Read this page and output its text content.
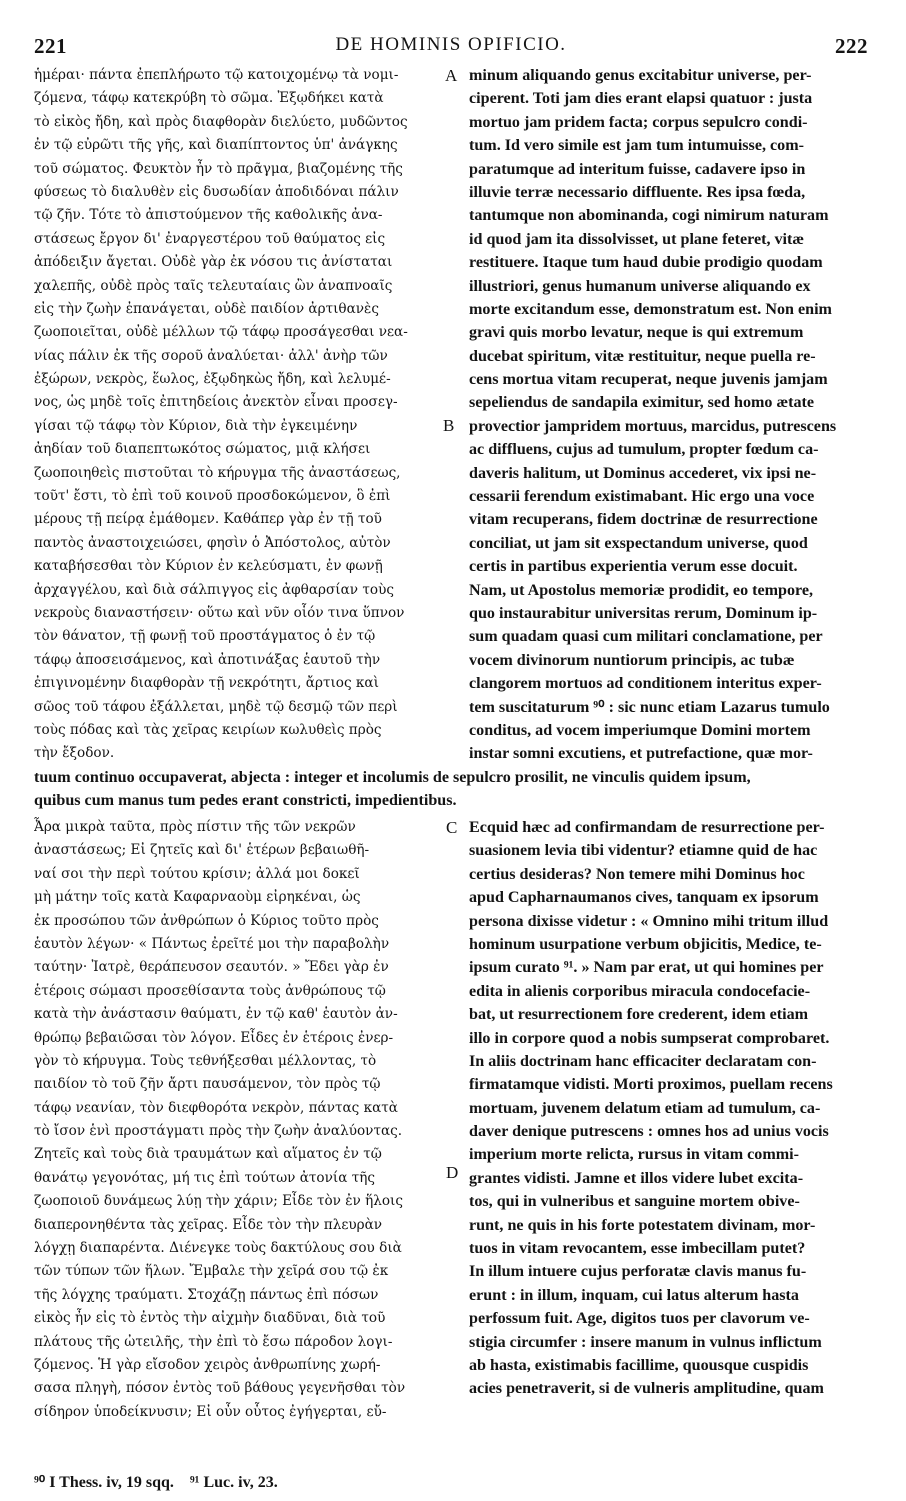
221	DE HOMINIS OPIFICIO.	222
ἡμέραι· πάντα ἐπεπλήρωτο τῷ κατοιχομένῳ τὰ νομι-
ζόμενα, τάφῳ κατεκρύβη τὸ σῶμα. Ἐξῳδήκει κατὰ
τὸ εἰκὸς ἤδη, καὶ πρὸς διαφθορὰν διελύετο, μυδῶντος
ἐν τῷ εὐρῶτι τῆς γῆς, καὶ διαπίπτοντος ὑπ' ἀνάγκης
τοῦ σώματος. Φευκτὸν ἦν τὸ πρᾶγμα, βιαζομένης τῆς
φύσεως τὸ διαλυθὲν εἰς δυσωδίαν ἀποδιδόναι πάλιν
τῷ ζῆν. Τότε τὸ ἀπιστούμενον τῆς καθολικῆς ἀνα-
στάσεως ἔργον δι' ἐναργεστέρου τοῦ θαύματος εἰς
ἀπόδειξιν ἄγεται. Οὐδὲ γὰρ ἐκ νόσου τις ἀνίσταται
χαλεπῆς, οὐδὲ πρὸς ταῖς τελευταίαις ὢν ἀναπνοαῖς
εἰς τὴν ζωὴν ἐπανάγεται, οὐδὲ παιδίον ἀρτιθανὲς
ζωοποιεῖται, οὐδὲ μέλλων τῷ τάφῳ προσάγεσθαι νεα-
νίας πάλιν ἐκ τῆς σοροῦ ἀναλύεται· ἀλλ' ἀνὴρ τῶν
ἐξώρων, νεκρὸς, ἕωλος, ἐξῳδηκὼς ἤδη, καὶ λελυμέ-
νος, ὡς μηδὲ τοῖς ἐπιτηδείοις ἀνεκτὸν εἶναι προσεγ-
γίσαι τῷ τάφῳ τὸν Κύριον, διὰ τὴν ἐγκειμένην
ἀηδίαν τοῦ διαπεπτωκότος σώματος, μιᾷ κλήσει
ζωοποιηθεὶς πιστοῦται τὸ κήρυγμα τῆς ἀναστάσεως,
τοῦτ' ἔστι, τὸ ἐπὶ τοῦ κοινοῦ προσδοκώμενον, ὃ ἐπὶ
μέρους τῇ πείρᾳ ἐμάθομεν. Καθάπερ γὰρ ἐν τῇ τοῦ
παντὸς ἀναστοιχειώσει, φησὶν ὁ Ἀπόστολος, αὐτὸν
καταβήσεσθαι τὸν Κύριον ἐν κελεύσματι, ἐν φωνῇ
ἀρχαγγέλου, καὶ διὰ σάλπιγγος εἰς ἀφθαρσίαν τοὺς
νεκροὺς διαναστήσειν· οὕτω καὶ νῦν οἷόν τινα ὕπνον
τὸν θάνατον, τῇ φωνῇ τοῦ προστάγματος ὁ ἐν τῷ
τάφῳ ἀποσεισάμενος, καὶ ἀποτινάξας ἑαυτοῦ τὴν
ἐπιγινομένην διαφθορὰν τῇ νεκρότητι, ἄρτιος καὶ
σῶος τοῦ τάφου ἐξάλλεται, μηδὲ τῷ δεσμῷ τῶν περὶ
τοὺς πόδας καὶ τὰς χεῖρας κειρίων κωλυθεὶς πρὸς
τὴν ἔξοδον.
minum aliquando genus excitabitur universe, per-
ciperent. Toti jam dies erant elapsi quatuor : justa
mortuo jam pridem facta; corpus sepulcro condi-
tum. Id vero simile est jam tum intumuisse, com-
paratumque ad interitum fuisse, cadavere ipso in
illuvie terræ necessario diffluente. Res ipsa fœda,
tantumque non abominanda, cogi nimirum naturam
id quod jam ita dissolvisset, ut plane feteret, vitæ
restituere. Itaque tum haud dubie prodigio quodam
illustriori, genus humanum universe aliquando ex
morte excitandum esse, demonstratum est. Non enim
gravi quis morbo levatur, neque is qui extremum
ducebat spiritum, vitæ restituitur, neque puella re-
cens mortua vitam recuperat, neque juvenis jamjam
sepeliendus de sandapila eximitur, sed homo ætate
provectior jampridem mortuus, marcidus, putrescens
ac diffluens, cujus ad tumulum, propter fœdum ca-
daveris halitum, ut Dominus accederet, vix ipsi ne-
cessarii ferendum existimabant. Hic ergo una voce
vitam recuperans, fidem doctrinæ de resurrectione
conciliat, ut jam sit exspectandum universe, quod
certis in partibus experientia verum esse docuit.
Nam, ut Apostolus memoriæ prodidit, eo tempore,
quo instaurabitur universitas rerum, Dominum ip-
sum quadam quasi cum militari conclamatione, per
vocem divinorum nuntiorum principis, ac tubæ
clangorem mortuos ad conditionem interitus exper-
tem suscitaturum ⁹⁰ : sic nunc etiam Lazarus tumulo
conditus, ad vocem imperiumque Domini mortem
instar somni excutiens, et putrefactione, quæ mor-
tuum continuo occupaverat, abjecta : integer et incolumis de sepulcro prosilit, ne vinculis quidem ipsum,
quibus cum manus tum pedes erant constricti, impedientibus.
Ἆρα μικρὰ ταῦτα, πρὸς πίστιν τῆς τῶν νεκρῶν
ἀναστάσεως; Εἰ ζητεῖς καὶ δι' ἑτέρων βεβαιωθῆ-
ναί σοι τὴν περὶ τούτου κρίσιν; ἀλλά μοι δοκεῖ
μὴ μάτην τοῖς κατὰ Καφαρναοὺμ εἰρηκέναι, ὡς
ἐκ προσώπου τῶν ἀνθρώπων ὁ Κύριος τοῦτο πρὸς
ἑαυτὸν λέγων· « Πάντως ἐρεῖτέ μοι τὴν παραβολὴν
ταύτην· Ἰατρὲ, θεράπευσον σεαυτόν. » Ἔδει γὰρ ἐν
ἑτέροις σώμασι προσεθίσαντα τοὺς ἀνθρώπους τῷ
κατὰ τὴν ἀνάστασιν θαύματι, ἐν τῷ καθ' ἑαυτὸν ἀν-
θρώπῳ βεβαιῶσαι τὸν λόγον. Εἶδες ἐν ἑτέροις ἐνερ-
γὸν τὸ κήρυγμα. Τοὺς τεθνήξεσθαι μέλλοντας, τὸ
παιδίον τὸ τοῦ ζῆν ἄρτι παυσάμενον, τὸν πρὸς τῷ
τάφῳ νεανίαν, τὸν διεφθορότα νεκρὸν, πάντας κατὰ
τὸ ἴσον ἑνὶ προστάγματι πρὸς τὴν ζωὴν ἀναλύοντας.
Ζητεῖς καὶ τοὺς διὰ τραυμάτων καὶ αἵματος ἐν τῷ
θανάτῳ γεγονότας, μή τις ἐπὶ τούτων ἀτονία τῆς
ζωοποιοῦ δυνάμεως λύῃ τὴν χάριν; Εἶδε τὸν ἐν ἥλοις
διαπερονηθέντα τὰς χεῖρας. Εἶδε τὸν τὴν πλευρὰν
λόγχῃ διαπαρέντα. Διένεγκε τοὺς δακτύλους σου διὰ
τῶν τύπων τῶν ἥλων. Ἔμβαλε τὴν χεῖρά σου τῷ ἐκ
τῆς λόγχης τραύματι. Στοχάζῃ πάντως ἐπὶ πόσων
εἰκὸς ἦν εἰς τὸ ἐντὸς τὴν αἰχμὴν διαδῦναι, διὰ τοῦ
πλάτους τῆς ὠτειλῆς, τὴν ἐπὶ τὸ ἔσω πάροδον λογι-
ζόμενος. Ἡ γὰρ εἴσοδον χειρὸς ἀνθρωπίνης χωρή-
σασα πληγὴ, πόσον ἐντὸς τοῦ βάθους γεγενῆσθαι τὸν
σίδηρον ὑποδείκνυσιν; Εἰ οὖν οὗτος ἐγήγερται, εὔ-
Ecquid hæc ad confirmandam de resurrectione per-
suasionem levia tibi videntur? etiamne quid de hac
certius desideras? Non temere mihi Dominus hoc
apud Capharnaumanos cives, tanquam ex ipsorum
persona dixisse videtur : « Omnino mihi tritum illud
hominum usurpatione verbum objicitis, Medice, te-
ipsum curato ⁹¹. » Nam par erat, ut qui homines per
edita in alienis corporibus miracula condocefacie-
bat, ut resurrectionem fore crederent, idem etiam
illo in corpore quod a nobis sumpserat comprobaret.
In aliis doctrinam hanc efficaciter declaratam con-
firmatamque vidisti. Morti proximos, puellam recens
mortuam, juvenem delatum etiam ad tumulum, ca-
daver denique putrescens : omnes hos ad unius vocis
imperium morte relicta, rursus in vitam commi-
grantes vidisti. Jamne et illos videre lubet excita-
tos, qui in vulneribus et sanguine mortem obive-
runt, ne quis in his forte potestatem divinam, mor-
tuos in vitam revocantem, esse imbecillam putet?
In illum intuere cujus perforatæ clavis manus fu-
erunt : in illum, inquam, cui latus alterum hasta
perfossum fuit. Age, digitos tuos per clavorum ve-
stigia circumfer : insere manum in vulnus inflictum
ab hasta, existimabis facillime, quousque cuspidis
acies penetraverit, si de vulneris amplitudine, quam
A
B
C
D
⁹⁰ I Thess. iv, 19 sqq. ⁹¹ Luc. iv, 23.
